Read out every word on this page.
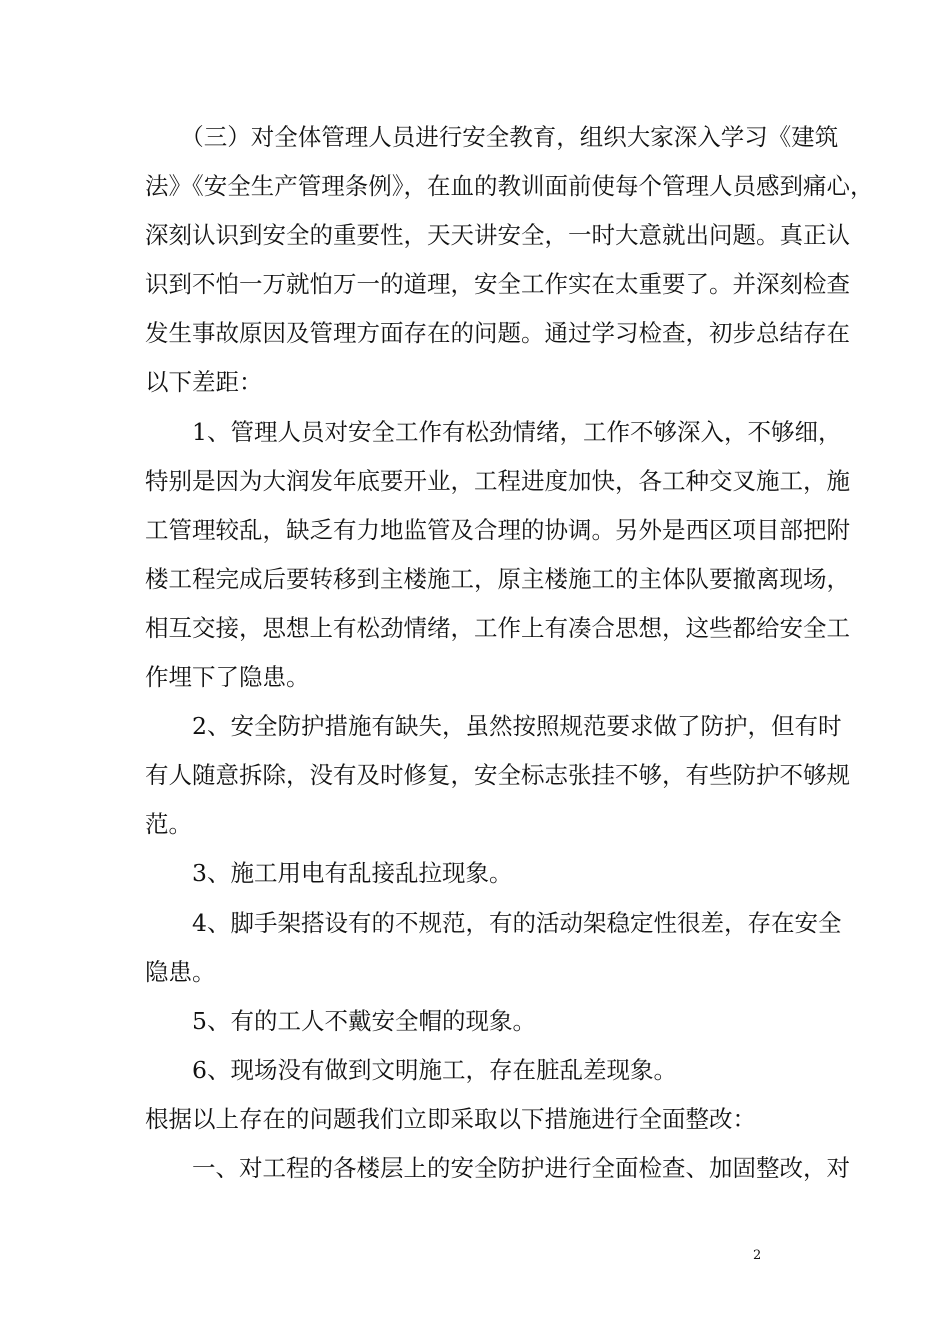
　　（三）对全体管理人员进行安全教育，组织大家深入学习《建筑
法》《安全生产管理条例》，在血的教训面前使每个管理人员感到痛心，
深刻认识到安全的重要性，天天讲安全，一时大意就出问题。真正认
识到不怕一万就怕万一的道理，安全工作实在太重要了。并深刻检查
发生事故原因及管理方面存在的问题。通过学习检查，初步总结存在
以下差距：
　　1、管理人员对安全工作有松劲情绪，工作不够深入，不够细，
特别是因为大润发年底要开业，工程进度加快，各工种交叉施工，施
工管理较乱，缺乏有力地监管及合理的协调。另外是西区项目部把附
楼工程完成后要转移到主楼施工，原主楼施工的主体队要撤离现场，
相互交接，思想上有松劲情绪，工作上有凑合思想，这些都给安全工
作埋下了隐患。
　　2、安全防护措施有缺失，虽然按照规范要求做了防护，但有时
有人随意拆除，没有及时修复，安全标志张挂不够，有些防护不够规
范。
　　3、施工用电有乱接乱拉现象。
　　4、脚手架搭设有的不规范，有的活动架稳定性很差，存在安全
隐患。
　　5、有的工人不戴安全帽的现象。
　　6、现场没有做到文明施工，存在脏乱差现象。
根据以上存在的问题我们立即采取以下措施进行全面整改：
　　一、对工程的各楼层上的安全防护进行全面检查、加固整改，对
2
